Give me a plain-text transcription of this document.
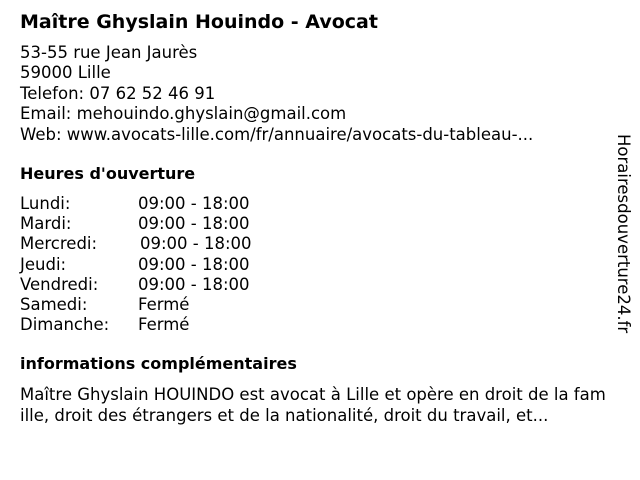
Maître Ghyslain Houindo - Avocat
53-55 rue Jean Jaurès
59000 Lille
Telefon: 07 62 52 46 91
Email: mehouindo.ghyslain@gmail.com
Web: www.avocats-lille.com/fr/annuaire/avocats-du-tableau-...
Heures d'ouverture
Lundi:	09:00 - 18:00
Mardi:	09:00 - 18:00
Mercredi:	09:00 - 18:00
Jeudi:	09:00 - 18:00
Vendredi: 09:00 - 18:00
Samedi:	Fermé
Dimanche: Fermé
informations complémentaires
Maître Ghyslain HOUINDO est avocat à Lille et opère en droit de la famille, droit des étrangers et de la nationalité, droit du travail, et...
Horairesdouverture24.fr
